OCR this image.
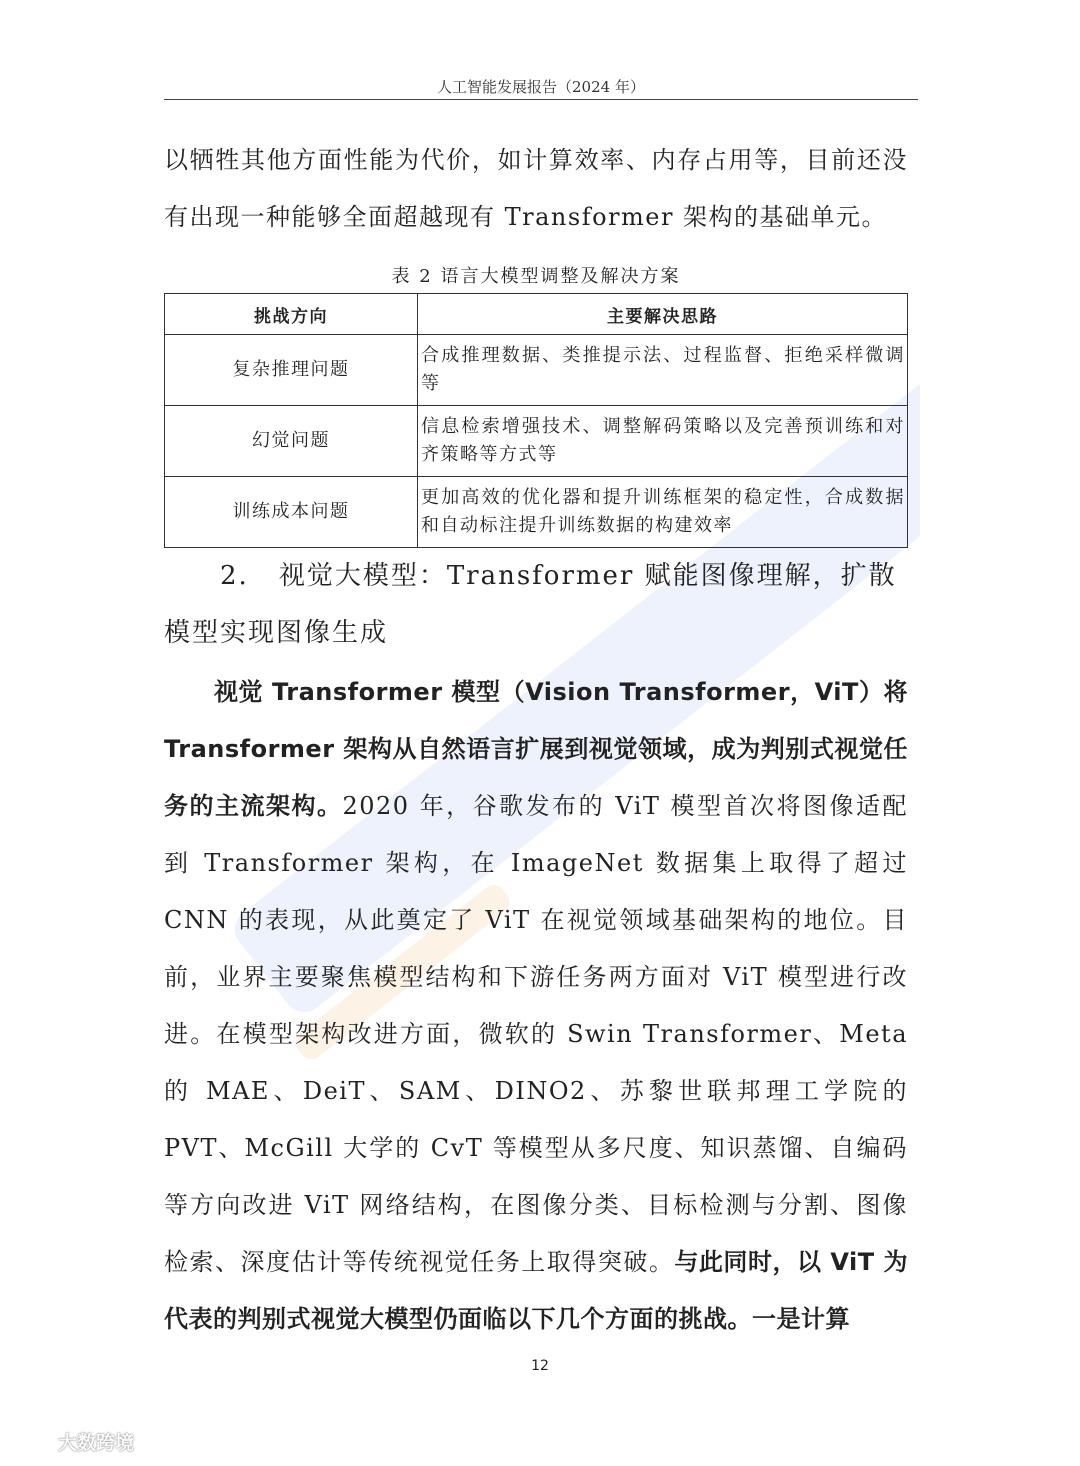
人工智能发展报告（2024 年）

以牺牲其他方面性能为代价，如计算效率、内存占用等，目前还没有出现一种能够全面超越现有 Transformer 架构的基础单元。

表 2 语言大模型调整及解决方案
挑战方向	主要解决思路
复杂推理问题	合成推理数据、类推提示法、过程监督、拒绝采样微调等
幻觉问题	信息检索增强技术、调整解码策略以及完善预训练和对齐策略等方式等
训练成本问题	更加高效的优化器和提升训练框架的稳定性，合成数据和自动标注提升训练数据的构建效率

2. 视觉大模型：Transformer 赋能图像理解，扩散模型实现图像生成

视觉 Transformer 模型（Vision Transformer，ViT）将 Transformer 架构从自然语言扩展到视觉领域，成为判别式视觉任务的主流架构。2020 年，谷歌发布的 ViT 模型首次将图像适配到 Transformer 架构，在 ImageNet 数据集上取得了超过 CNN 的表现，从此奠定了 ViT 在视觉领域基础架构的地位。目前，业界主要聚焦模型结构和下游任务两方面对 ViT 模型进行改进。在模型架构改进方面，微软的 Swin Transformer、Meta 的 MAE、DeiT、SAM、DINO2、苏黎世联邦理工学院的 PVT、McGill 大学的 CvT 等模型从多尺度、知识蒸馏、自编码等方向改进 ViT 网络结构，在图像分类、目标检测与分割、图像检索、深度估计等传统视觉任务上取得突破。与此同时，以 ViT 为代表的判别式视觉大模型仍面临以下几个方面的挑战。一是计算

12
大数跨境
